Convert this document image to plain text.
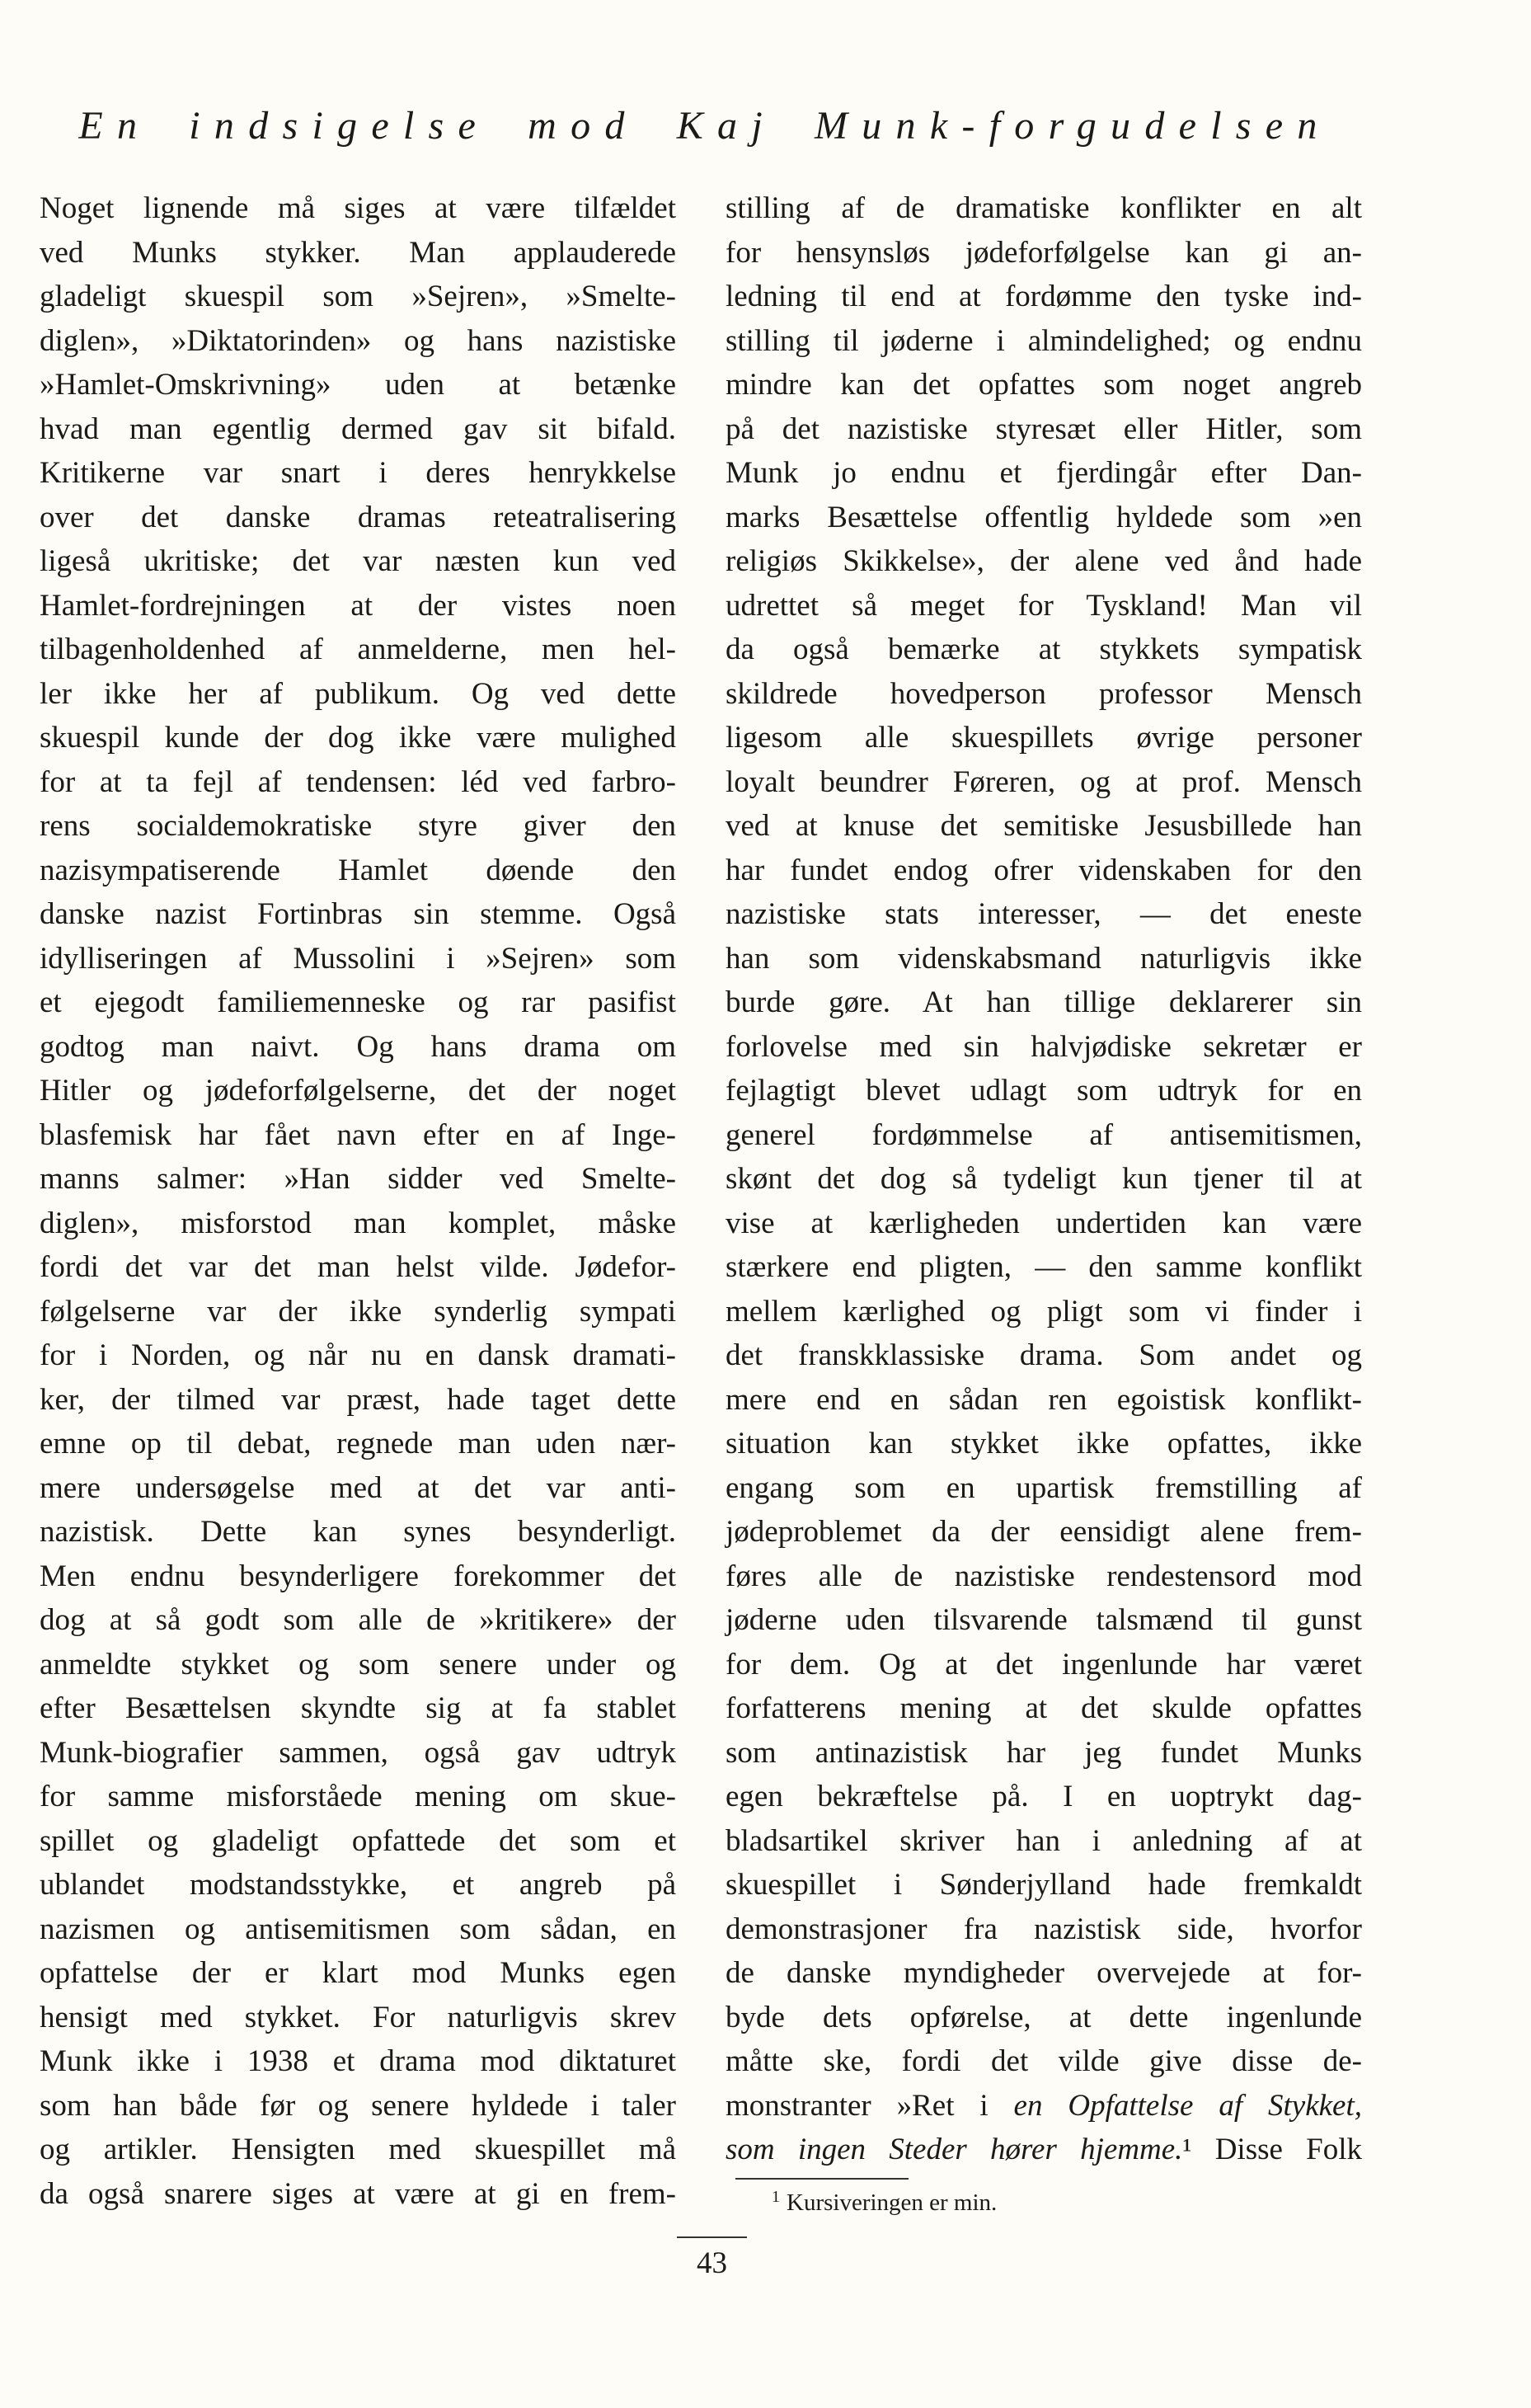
En indsigelse mod Kaj Munk-forgudelsen
Noget lignende må siges at være tilfældet
ved Munks stykker. Man applauderede
gladeligt skuespil som »Sejren», »Smelte-
diglen», »Diktatorinden» og hans nazistiske
»Hamlet-Omskrivning» uden at betænke
hvad man egentlig dermed gav sit bifald.
Kritikerne var snart i deres henrykkelse
over det danske dramas reteatralisering
ligeså ukritiske; det var næsten kun ved
Hamlet-fordrejningen at der vistes noen
tilbagenholdenhed af anmelderne, men hel-
ler ikke her af publikum. Og ved dette
skuespil kunde der dog ikke være mulighed
for at ta fejl af tendensen: léd ved farbro-
rens socialdemokratiske styre giver den
nazisympatiserende Hamlet døende den
danske nazist Fortinbras sin stemme. Også
idylliseringen af Mussolini i »Sejren» som
et ejegodt familiemenneske og rar pasifist
godtog man naivt. Og hans drama om
Hitler og jødeforfølgelserne, det der noget
blasfemisk har fået navn efter en af Inge-
manns salmer: »Han sidder ved Smelte-
diglen», misforstod man komplet, måske
fordi det var det man helst vilde. Jødefor-
følgelserne var der ikke synderlig sympati
for i Norden, og når nu en dansk dramati-
ker, der tilmed var præst, hade taget dette
emne op til debat, regnede man uden nær-
mere undersøgelse med at det var anti-
nazistisk. Dette kan synes besynderligt.
Men endnu besynderligere forekommer det
dog at så godt som alle de »kritikere» der
anmeldte stykket og som senere under og
efter Besættelsen skyndte sig at fa stablet
Munk-biografier sammen, også gav udtryk
for samme misforståede mening om skue-
spillet og gladeligt opfattede det som et
ublandet modstandsstykke, et angreb på
nazismen og antisemitismen som sådan, en
opfattelse der er klart mod Munks egen
hensigt med stykket. For naturligvis skrev
Munk ikke i 1938 et drama mod diktaturet
som han både før og senere hyldede i taler
og artikler. Hensigten med skuespillet må
da også snarere siges at være at gi en frem-
stilling af de dramatiske konflikter en alt
for hensynsløs jødeforfølgelse kan gi an-
ledning til end at fordømme den tyske ind-
stilling til jøderne i almindelighed; og endnu
mindre kan det opfattes som noget angreb
på det nazistiske styresæt eller Hitler, som
Munk jo endnu et fjerdingår efter Dan-
marks Besættelse offentlig hyldede som »en
religiøs Skikkelse», der alene ved ånd hade
udrettet så meget for Tyskland! Man vil
da også bemærke at stykkets sympatisk
skildrede hovedperson professor Mensch
ligesom alle skuespillets øvrige personer
loyalt beundrer Føreren, og at prof. Mensch
ved at knuse det semitiske Jesusbillede han
har fundet endog ofrer videnskaben for den
nazistiske stats interesser, — det eneste
han som videnskabsmand naturligvis ikke
burde gøre. At han tillige deklarerer sin
forlovelse med sin halvjødiske sekretær er
fejlagtigt blevet udlagt som udtryk for en
generel fordømmelse af antisemitismen,
skønt det dog så tydeligt kun tjener til at
vise at kærligheden undertiden kan være
stærkere end pligten, — den samme konflikt
mellem kærlighed og pligt som vi finder i
det franskklassiske drama. Som andet og
mere end en sådan ren egoistisk konflikt-
situation kan stykket ikke opfattes, ikke
engang som en upartisk fremstilling af
jødeproblemet da der eensidigt alene frem-
føres alle de nazistiske rendestensord mod
jøderne uden tilsvarende talsmænd til gunst
for dem. Og at det ingenlunde har været
forfatterens mening at det skulde opfattes
som antinazistisk har jeg fundet Munks
egen bekræftelse på. I en uoptrykt dag-
bladsartikel skriver han i anledning af at
skuespillet i Sønderjylland hade fremkaldt
demonstrasjoner fra nazistisk side, hvorfor
de danske myndigheder overvejede at for-
byde dets opførelse, at dette ingenlunde
måtte ske, fordi det vilde give disse de-
monstranter »Ret i en Opfattelse af Stykket,
som ingen Steder hører hjemme.¹ Disse Folk
$^1$ Kursiveringen er min.
43
